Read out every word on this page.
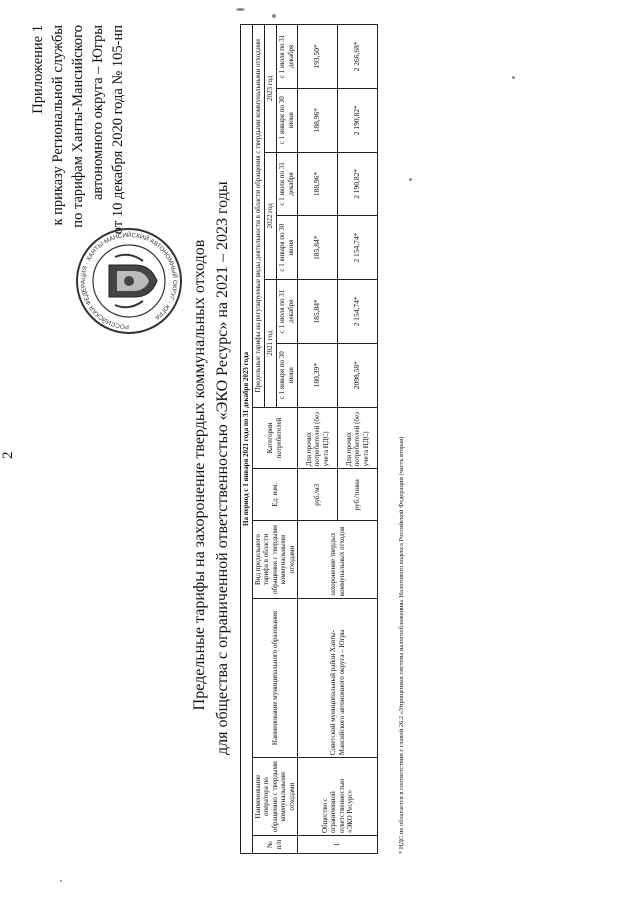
2
Приложение 1 к приказу Региональной службы по тарифам Ханты-Мансийского автономного округа – Югры от 10 декабря 2020 года № 105-нп
РОССИЙСКАЯ ФЕДЕРАЦИЯ · ХАНТЫ-МАНСИЙСКИЙ АВТОНОМНЫЙ ОКРУГ - ЮГРА	Предельные тарифы на захоронение твердых коммунальных отходов для общества с ограниченной ответственностью «ЭКО Ресурс» на 2021 – 2023 годы	На период с 1 января 2021 года по 31 декабря 2023 года											
№ п/п	Наименование оператора по обращению с твердыми коммунальными отходами	Наименование муниципального образования	Вид предельного тарифа в области обращения с твердыми коммунальными отходами	Ед. изм.	Категории потребителей	Предельные тарифы на регулируемые виды деятельности в области обращения с твердыми коммунальными отходами					
						2021 год		2022 год		2023 год	
						с 1 января по 30 июня	с 1 июля по 31 декабря	с 1 января по 30 июня	с 1 июля по 31 декабря	с 1 января по 30 июня	с 1 июля по 31 декабря
1	Общество с ограниченной ответственностью «ЭКО Ресурс»	Советский муниципальный район Ханты-Мансийского автономного округа – Югры	захоронение твердых коммунальных отходов	руб./м3	Для прочих потребителей (без учета НДС)	180,39*	185,84*	185,84*	188,96*	188,96*	193,50*
				руб./тонна	Для прочих потребителей (без учета НДС)	2098,58*	2 154,74*	2 154,74*	2 190,82*	2 190,82*	2 266,68*
* НДС не облагается в соответствии с главой 26.2 «Упрощенная система налогообложения» Налогового кодекса Российской Федерации (часть вторая)
